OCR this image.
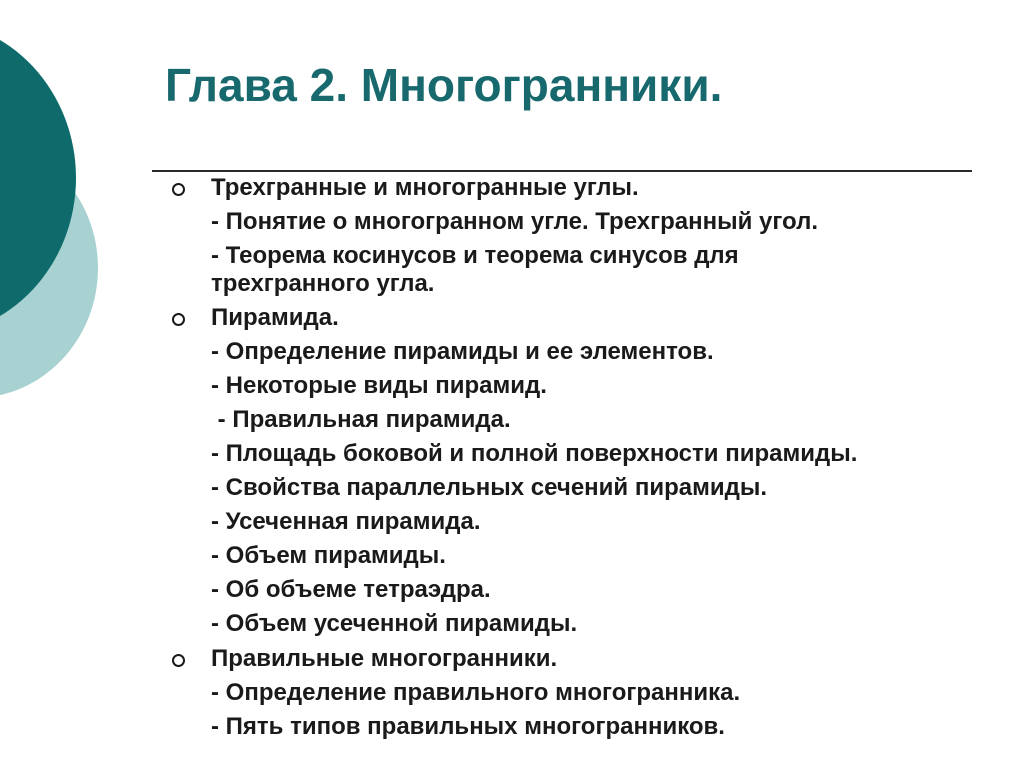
Глава 2. Многогранники.
Трехгранные и многогранные углы.
- Понятие о многогранном угле. Трехгранный угол.
- Теорема косинусов и теорема синусов для
трехгранного угла.
Пирамида.
- Определение пирамиды и ее элементов.
- Некоторые виды пирамид.
- Правильная пирамида.
- Площадь боковой и полной поверхности пирамиды.
- Свойства параллельных сечений пирамиды.
- Усеченная пирамида.
- Объем пирамиды.
- Об объеме тетраэдра.
- Объем усеченной пирамиды.
Правильные многогранники.
- Определение правильного многогранника.
- Пять типов правильных многогранников.
